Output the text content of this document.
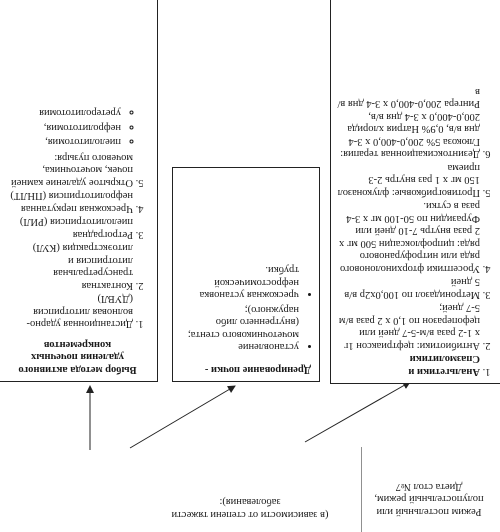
Режим постельный или полупостельный режим, Диета стол №7
(в зависимости от степени тяжести заболевания):
1. Анальгетики и Спазмолитики
2. Антибиотики: цефтриаксон 1г х 1-2 раза в/м-5-7 дней или цефоперазон по 1,0 х 2 раза в/м 5-7 дней;
3. Метронидазол по 100,0х2р в/в 5 дней
4. Уросептики фторхинолонового ряда или нитрофуранового ряда: ципрофлоксацин 500 мг х 2 раза внутрь 7-10 дней или Фуразидин по 50-100 мг х 3-4 раза в сутки.
5. Противогрибковые: флуконазол 150 мг х 1 раз внутрь 2-3 приема
6. Дезинтоксикационная терапия: Глюкоза 5% 200,0-400,0 х 3-4 дня в/в, 0,9% Натрия хлорида 200,0-400,0 х 3-4 дня в/в, Рингера 200,0-400,0 х 3-4 дня в/в
Дренирование почки -
• установление мочеточникового стента; (внутреннего либо наружного);
• чрескожная установка нефростомической трубки.
Выбор метода активного удаления почечных конкрементов
1. Дистанционная ударно-волновая литотрипсия (ДУВЛ)
2. Контактная трансуретральная литотрипсия и литоэкстракция (КУЛ)
3. Ретроградная пиелолитотрипсия (РИЛ)
4. Чрескожная перкутанная нефролитотрипсия (ПНЛТ)
5. Открытое удаление камней почек, мочеточника, мочевого пузыря:
◦ пиелолитотомия,
◦ нефролитотомия,
◦ уретеролитотомия
